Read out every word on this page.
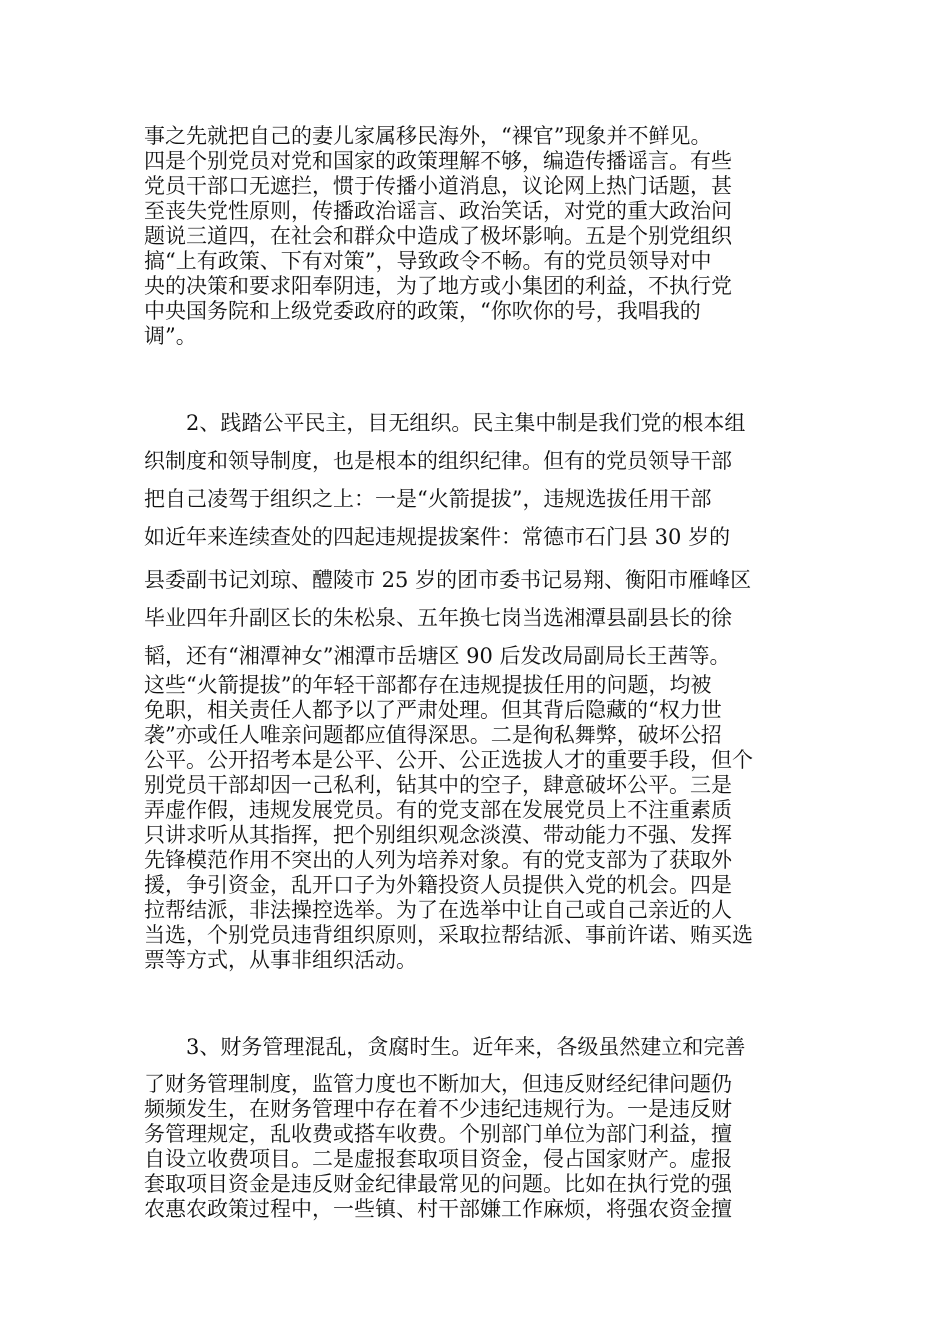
事之先就把自己的妻儿家属移民海外，“裸官”现象并不鲜见。
四是个别党员对党和国家的政策理解不够，编造传播谣言。有些
党员干部口无遮拦，惯于传播小道消息，议论网上热门话题，甚
至丧失党性原则，传播政治谣言、政治笑话，对党的重大政治问
题说三道四，在社会和群众中造成了极坏影响。五是个别党组织
搞“上有政策、下有对策”，导致政令不畅。有的党员领导对中
央的决策和要求阳奉阴违，为了地方或小集团的利益，不执行党
中央国务院和上级党委政府的政策，“你吹你的号，我唱我的
调”。
2、践踏公平民主，目无组织。民主集中制是我们党的根本组
织制度和领导制度，也是根本的组织纪律。但有的党员领导干部
把自己凌驾于组织之上：一是“火箭提拔”，违规选拔任用干部
如近年来连续查处的四起违规提拔案件：常德市石门县 30 岁的
县委副书记刘琼、醴陵市 25 岁的团市委书记易翔、衡阳市雁峰区
毕业四年升副区长的朱松泉、五年换七岗当选湘潭县副县长的徐
韬，还有“湘潭神女”湘潭市岳塘区 90 后发改局副局长王茜等。
这些“火箭提拔”的年轻干部都存在违规提拔任用的问题，均被
免职，相关责任人都予以了严肃处理。但其背后隐藏的“权力世
袭”亦或任人唯亲问题都应值得深思。二是徇私舞弊，破坏公招
公平。公开招考本是公平、公开、公正选拔人才的重要手段，但个
别党员干部却因一己私利，钻其中的空子，肆意破坏公平。三是
弄虚作假，违规发展党员。有的党支部在发展党员上不注重素质
只讲求听从其指挥，把个别组织观念淡漠、带动能力不强、发挥
先锋模范作用不突出的人列为培养对象。有的党支部为了获取外
援，争引资金，乱开口子为外籍投资人员提供入党的机会。四是
拉帮结派，非法操控选举。为了在选举中让自己或自己亲近的人
当选，个别党员违背组织原则，采取拉帮结派、事前许诺、贿买选
票等方式，从事非组织活动。
3、财务管理混乱，贪腐时生。近年来，各级虽然建立和完善
了财务管理制度，监管力度也不断加大，但违反财经纪律问题仍
频频发生，在财务管理中存在着不少违纪违规行为。一是违反财
务管理规定，乱收费或搭车收费。个别部门单位为部门利益，擅
自设立收费项目。二是虚报套取项目资金，侵占国家财产。虚报
套取项目资金是违反财金纪律最常见的问题。比如在执行党的强
农惠农政策过程中，一些镇、村干部嫌工作麻烦，将强农资金擅
